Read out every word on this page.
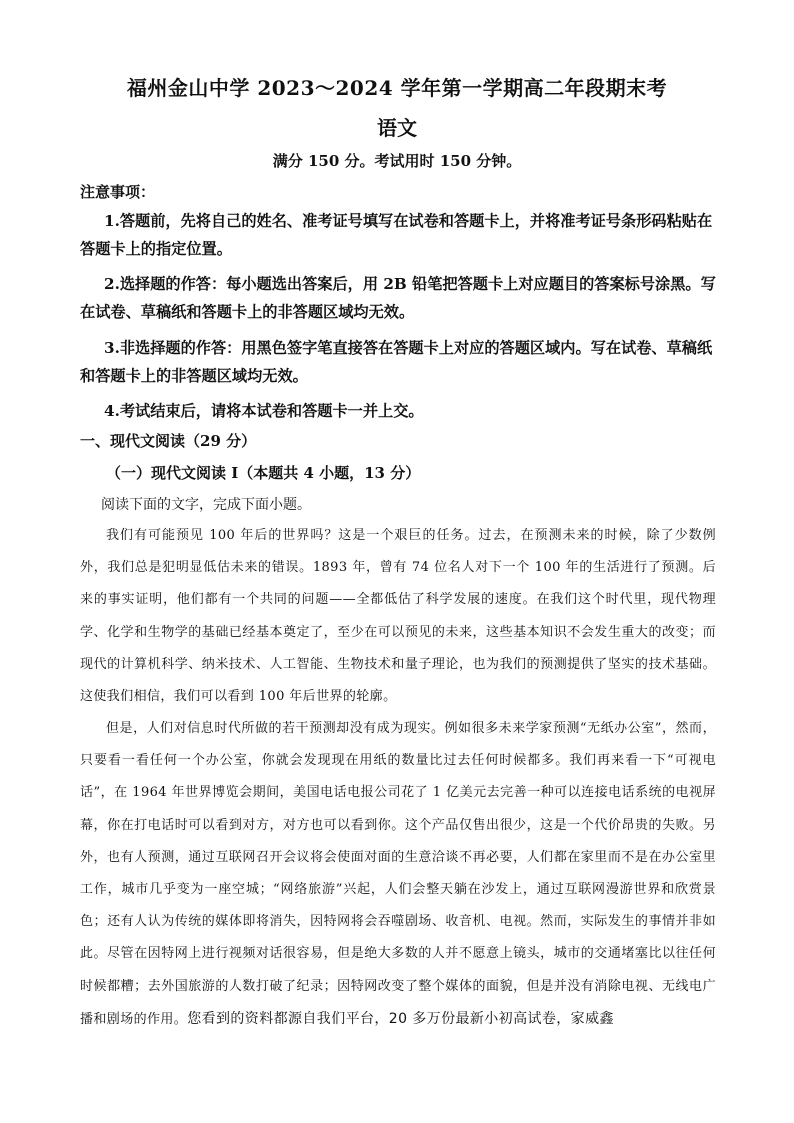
福州金山中学 2023～2024 学年第一学期高二年段期末考
语文
满分 150 分。考试用时 150 分钟。
注意事项：

1.答题前，先将自己的姓名、准考证号填写在试卷和答题卡上，并将准考证号条形码粘贴在答题卡上的指定位置。

2.选择题的作答：每小题选出答案后，用 2B 铅笔把答题卡上对应题目的答案标号涂黑。写在试卷、草稿纸和答题卡上的非答题区域均无效。

3.非选择题的作答：用黑色签字笔直接答在答题卡上对应的答题区域内。写在试卷、草稿纸和答题卡上的非答题区域均无效。

4.考试结束后，请将本试卷和答题卡一并上交。

一、现代文阅读（29 分）
（一）现代文阅读 I（本题共 4 小题，13 分）
阅读下面的文字，完成下面小题。

我们有可能预见 100 年后的世界吗？这是一个艰巨的任务。过去，在预测未来的时候，除了少数例外，我们总是犯明显低估未来的错误。1893 年，曾有 74 位名人对下一个 100 年的生活进行了预测。后来的事实证明，他们都有一个共同的问题——全都低估了科学发展的速度。在我们这个时代里，现代物理学、化学和生物学的基础已经基本奠定了，至少在可以预见的未来，这些基本知识不会发生重大的改变；而现代的计算机科学、纳米技术、人工智能、生物技术和量子理论，也为我们的预测提供了坚实的技术基础。这使我们相信，我们可以看到 100 年后世界的轮廓。

但是，人们对信息时代所做的若干预测却没有成为现实。例如很多未来学家预测“无纸办公室”，然而，只要看一看任何一个办公室，你就会发现现在用纸的数量比过去任何时候都多。我们再来看一下“可视电话”，在 1964 年世界博览会期间，美国电话电报公司花了 1 亿美元去完善一种可以连接电话系统的电视屏幕，你在打电话时可以看到对方，对方也可以看到你。这个产品仅售出很少，这是一个代价昂贵的失败。另外，也有人预测，通过互联网召开会议将会使面对面的生意洽谈不再必要，人们都在家里而不是在办公室里工作，城市几乎变为一座空城；“网络旅游”兴起，人们会整天躺在沙发上，通过互联网漫游世界和欣赏景色；还有人认为传统的媒体即将消失，因特网将会吞噬剧场、收音机、电视。然而，实际发生的事情并非如此。尽管在因特网上进行视频对话很容易，但是绝大多数的人并不愿意上镜头，城市的交通堵塞比以往任何时候都糟；去外国旅游的人数打破了纪录；因特网改变了整个媒体的面貌，但是并没有消除电视、无线电广播和剧场的作用。您看到的资料都源自我们平台，20 多万份最新小初高试卷，家威鑫
